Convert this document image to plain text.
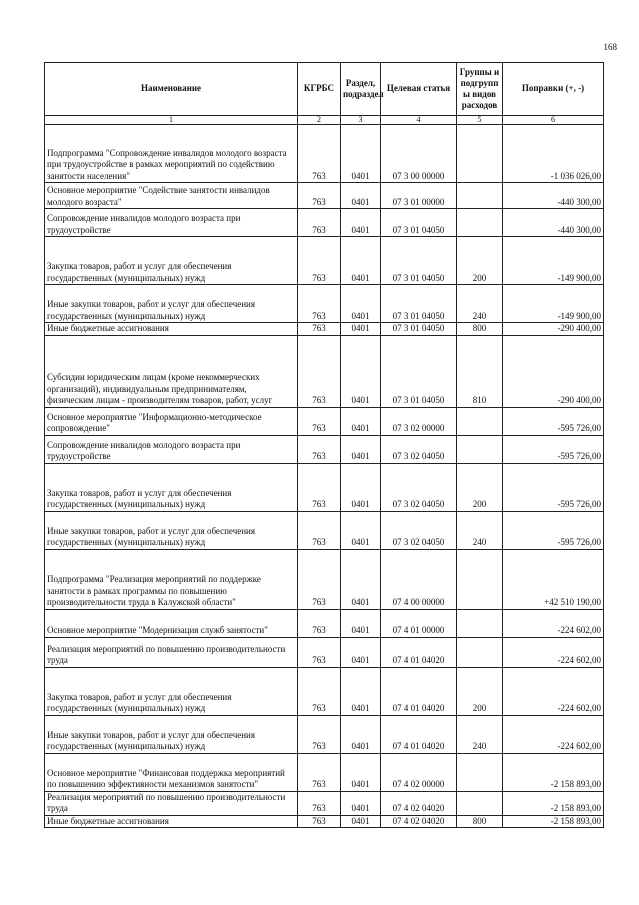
168
Наименование	КГРБС	Раздел, подраздел	Целевая статья	Группы и подгрупп ы видов расходов	Поправки (+, -)
1	2	3	4	5	6
Подпрограмма "Сопровождение инвалидов молодого возраста при трудоустройстве в рамках мероприятий по содействию занятости населения"	763	0401	07 3 00 00000		-1 036 026,00
Основное мероприятие "Содействие занятости инвалидов молодого возраста"	763	0401	07 3 01 00000		-440 300,00
Сопровождение инвалидов молодого возраста при трудоустройстве	763	0401	07 3 01 04050		-440 300,00
Закупка товаров, работ и услуг для обеспечения государственных (муниципальных) нужд	763	0401	07 3 01 04050	200	-149 900,00
Иные закупки товаров, работ и услуг для обеспечения государственных (муниципальных) нужд	763	0401	07 3 01 04050	240	-149 900,00
Иные бюджетные ассигнования	763	0401	07 3 01 04050	800	-290 400,00
Субсидии юридическим лицам (кроме некоммерческих организаций), индивидуальным предпринимателям, физическим лицам - производителям товаров, работ, услуг	763	0401	07 3 01 04050	810	-290 400,00
Основное мероприятие "Информационно-методическое сопровождение"	763	0401	07 3 02 00000		-595 726,00
Сопровождение инвалидов молодого возраста при трудоустройстве	763	0401	07 3 02 04050		-595 726,00
Закупка товаров, работ и услуг для обеспечения государственных (муниципальных) нужд	763	0401	07 3 02 04050	200	-595 726,00
Иные закупки товаров, работ и услуг для обеспечения государственных (муниципальных) нужд	763	0401	07 3 02 04050	240	-595 726,00
Подпрограмма "Реализация мероприятий по поддержке занятости в рамках программы по повышению производительности труда в Калужской области"	763	0401	07 4 00 00000		+42 510 190,00
Основное мероприятие "Модернизация служб занятости"	763	0401	07 4 01 00000		-224 602,00
Реализация мероприятий по повышению производительности труда	763	0401	07 4 01 04020		-224 602,00
Закупка товаров, работ и услуг для обеспечения государственных (муниципальных) нужд	763	0401	07 4 01 04020	200	-224 602,00
Иные закупки товаров, работ и услуг для обеспечения государственных (муниципальных) нужд	763	0401	07 4 01 04020	240	-224 602,00
Основное мероприятие "Финансовая поддержка мероприятий по повышению эффективности механизмов занятости"	763	0401	07 4 02 00000		-2 158 893,00
Реализация мероприятий по повышению производительности труда	763	0401	07 4 02 04020		-2 158 893,00
Иные бюджетные ассигнования	763	0401	07 4 02 04020	800	-2 158 893,00
